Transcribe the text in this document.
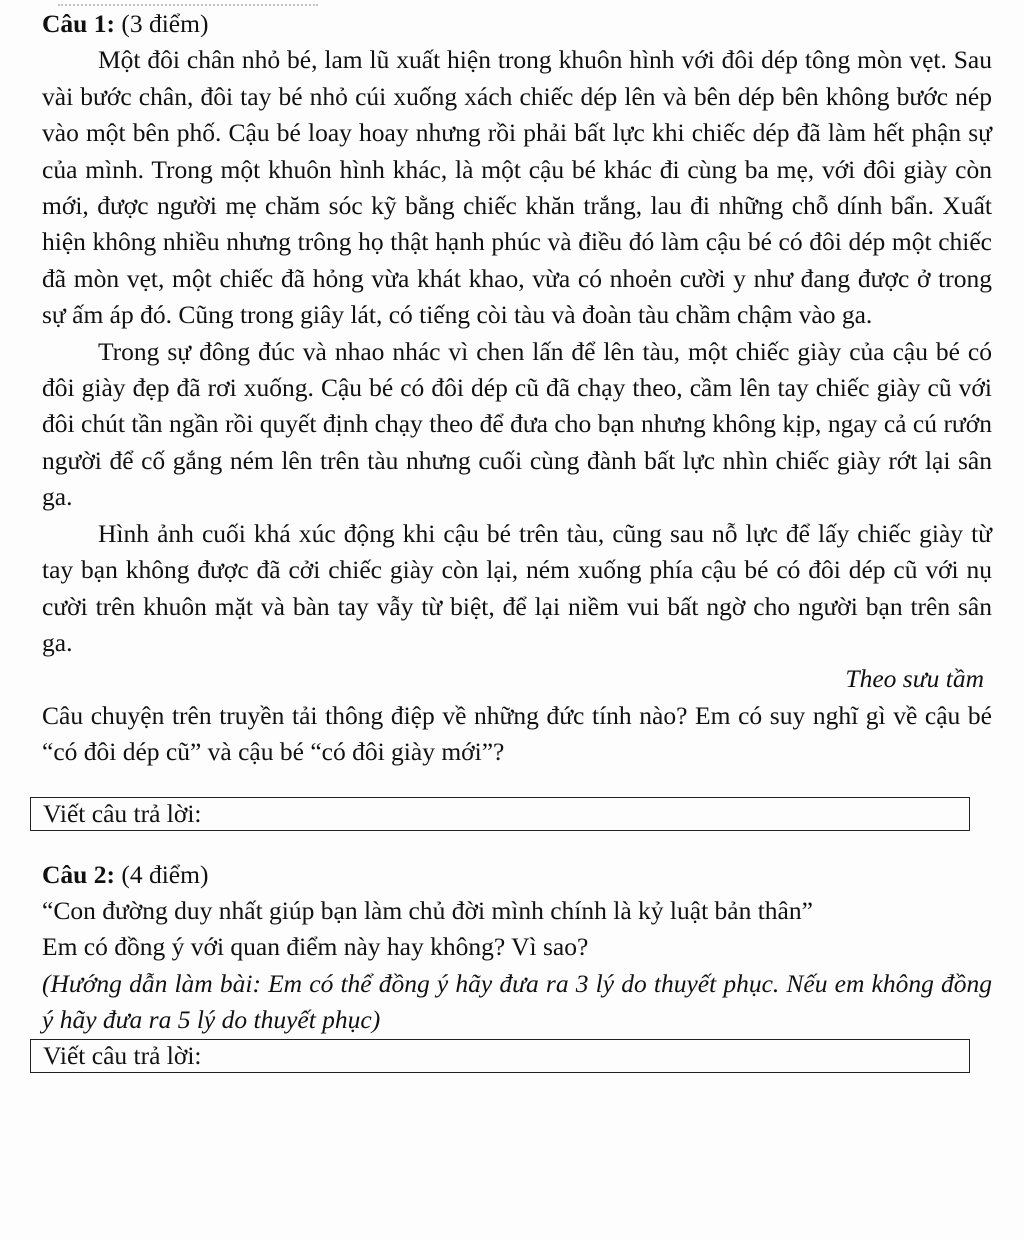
Câu 1: (3 điểm)

Một đôi chân nhỏ bé, lam lũ xuất hiện trong khuôn hình với đôi dép tông mòn vẹt. Sau vài bước chân, đôi tay bé nhỏ cúi xuống xách chiếc dép lên và bên dép bên không bước nép vào một bên phố. Cậu bé loay hoay nhưng rồi phải bất lực khi chiếc dép đã làm hết phận sự của mình. Trong một khuôn hình khác, là một cậu bé khác đi cùng ba mẹ, với đôi giày còn mới, được người mẹ chăm sóc kỹ bằng chiếc khăn trắng, lau đi những chỗ dính bẩn. Xuất hiện không nhiều nhưng trông họ thật hạnh phúc và điều đó làm cậu bé có đôi dép một chiếc đã mòn vẹt, một chiếc đã hỏng vừa khát khao, vừa có nhoẻn cười y như đang được ở trong sự ấm áp đó. Cũng trong giây lát, có tiếng còi tàu và đoàn tàu chầm chậm vào ga.

Trong sự đông đúc và nhao nhác vì chen lấn để lên tàu, một chiếc giày của cậu bé có đôi giày đẹp đã rơi xuống. Cậu bé có đôi dép cũ đã chạy theo, cầm lên tay chiếc giày cũ với đôi chút tần ngần rồi quyết định chạy theo để đưa cho bạn nhưng không kịp, ngay cả cú rướn người để cố gắng ném lên trên tàu nhưng cuối cùng đành bất lực nhìn chiếc giày rớt lại sân ga.

Hình ảnh cuối khá xúc động khi cậu bé trên tàu, cũng sau nỗ lực để lấy chiếc giày từ tay bạn không được đã cởi chiếc giày còn lại, ném xuống phía cậu bé có đôi dép cũ với nụ cười trên khuôn mặt và bàn tay vẫy từ biệt, để lại niềm vui bất ngờ cho người bạn trên sân ga.

Theo sưu tầm

Câu chuyện trên truyền tải thông điệp về những đức tính nào? Em có suy nghĩ gì về cậu bé “có đôi dép cũ” và cậu bé “có đôi giày mới”?

Viết câu trả lời:

Câu 2: (4 điểm)

“Con đường duy nhất giúp bạn làm chủ đời mình chính là kỷ luật bản thân”

Em có đồng ý với quan điểm này hay không? Vì sao?

(Hướng dẫn làm bài: Em có thể đồng ý hãy đưa ra 3 lý do thuyết phục. Nếu em không đồng ý hãy đưa ra 5 lý do thuyết phục)

Viết câu trả lời:
